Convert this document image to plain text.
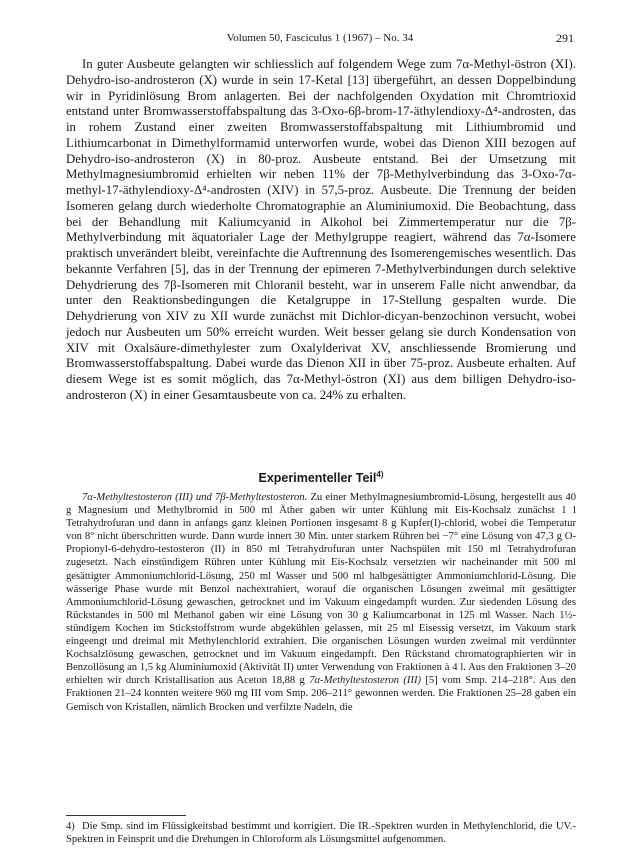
Volumen 50, Fasciculus 1 (1967) – No. 34	291

In guter Ausbeute gelangten wir schliesslich auf folgendem Wege zum 7α-Methyl-östron (XI). Dehydro-iso-androsteron (X) wurde in sein 17-Ketal [13] übergeführt, an dessen Doppelbindung wir in Pyridinlösung Brom anlagerten. Bei der nachfolgenden Oxydation mit Chromtrioxid entstand unter Bromwasserstoffabspaltung das 3-Oxo-6β-brom-17-äthylendioxy-Δ⁴-androsten, das in rohem Zustand einer zweiten Bromwasserstoffabspaltung mit Lithiumbromid und Lithiumcarbonat in Dimethylformamid unterworfen wurde, wobei das Dienon XIII bezogen auf Dehydro-iso-androsteron (X) in 80-proz. Ausbeute entstand. Bei der Umsetzung mit Methylmagnesiumbromid erhielten wir neben 11% der 7β-Methylverbindung das 3-Oxo-7α-methyl-17-äthylendioxy-Δ⁴-androsten (XIV) in 57,5-proz. Ausbeute. Die Trennung der beiden Isomeren gelang durch wiederholte Chromatographie an Aluminiumoxid. Die Beobachtung, dass bei der Behandlung mit Kaliumcyanid in Alkohol bei Zimmertemperatur nur die 7β-Methylverbindung mit äquatorialer Lage der Methylgruppe reagiert, während das 7α-Isomere praktisch unverändert bleibt, vereinfachte die Auftrennung des Isomerengemisches wesentlich. Das bekannte Verfahren [5], das in der Trennung der epimeren 7-Methylverbindungen durch selektive Dehydrierung des 7β-Isomeren mit Chloranil besteht, war in unserem Falle nicht anwendbar, da unter den Reaktionsbedingungen die Ketalgruppe in 17-Stellung gespalten wurde. Die Dehydrierung von XIV zu XII wurde zunächst mit Dichlor-dicyan-benzochinon versucht, wobei jedoch nur Ausbeuten um 50% erreicht wurden. Weit besser gelang sie durch Kondensation von XIV mit Oxalsäure-dimethylester zum Oxalylderivat XV, anschliessende Bromierung und Bromwasserstoffabspaltung. Dabei wurde das Dienon XII in über 75-proz. Ausbeute erhalten. Auf diesem Wege ist es somit möglich, das 7α-Methyl-östron (XI) aus dem billigen Dehydro-iso-androsteron (X) in einer Gesamtausbeute von ca. 24% zu erhalten.

Experimenteller Teil$^{4)}$

7α-Methyltestosteron (III) und 7β-Methyltestosteron. Zu einer Methylmagnesiumbromid-Lösung, hergestellt aus 40 g Magnesium und Methylbromid in 500 ml Äther gaben wir unter Kühlung mit Eis-Kochsalz zunächst 1 l Tetrahydrofuran und dann in anfangs ganz kleinen Portionen insgesamt 8 g Kupfer(I)-chlorid, wobei die Temperatur von 8° nicht überschritten wurde. Dann wurde innert 30 Min. unter starkem Rühren bei −7° eine Lösung von 47,3 g O-Propionyl-6-dehydro-testosteron (II) in 850 ml Tetrahydrofuran unter Nachspülen mit 150 ml Tetrahydrofuran zugesetzt. Nach einstündigem Rühren unter Kühlung mit Eis-Kochsalz versetzten wir nacheinander mit 500 ml gesättigter Ammoniumchlorid-Lösung, 250 ml Wasser und 500 ml halbgesättigter Ammoniumchlorid-Lösung. Die wässerige Phase wurde mit Benzol nachextrahiert, worauf die organischen Lösungen zweimal mit gesättigter Ammoniumchlorid-Lösung gewaschen, getrocknet und im Vakuum eingedampft wurden. Zur siedenden Lösung des Rückstandes in 500 ml Methanol gaben wir eine Lösung von 30 g Kaliumcarbonat in 125 ml Wasser. Nach 1½-stündigem Kochen im Stickstoffstrom wurde abgekühlen gelassen, mit 25 ml Eisessig versetzt, im Vakuum stark eingeengt und dreimal mit Methylenchlorid extrahiert. Die organischen Lösungen wurden zweimal mit verdünnter Kochsalzlösung gewaschen, getrocknet und im Vakuum eingedampft. Den Rückstand chromatographierten wir in Benzollösung an 1,5 kg Aluminiumoxid (Aktivität II) unter Verwendung von Fraktionen à 4 l. Aus den Fraktionen 3–20 erhielten wir durch Kristallisation aus Aceton 18,88 g 7α-Methyltestosteron (III) [5] vom Smp. 214–218°. Aus den Fraktionen 21–24 konnten weitere 960 mg III vom Smp. 206–211° gewonnen werden. Die Fraktionen 25–28 gaben ein Gemisch von Kristallen, nämlich Brocken und verfilzte Nadeln, die

4) Die Smp. sind im Flüssigkeitsbad bestimmt und korrigiert. Die IR.-Spektren wurden in Methylenchlorid, die UV.-Spektren in Feinsprit und die Drehungen in Chloroform als Lösungsmittel aufgenommen.
